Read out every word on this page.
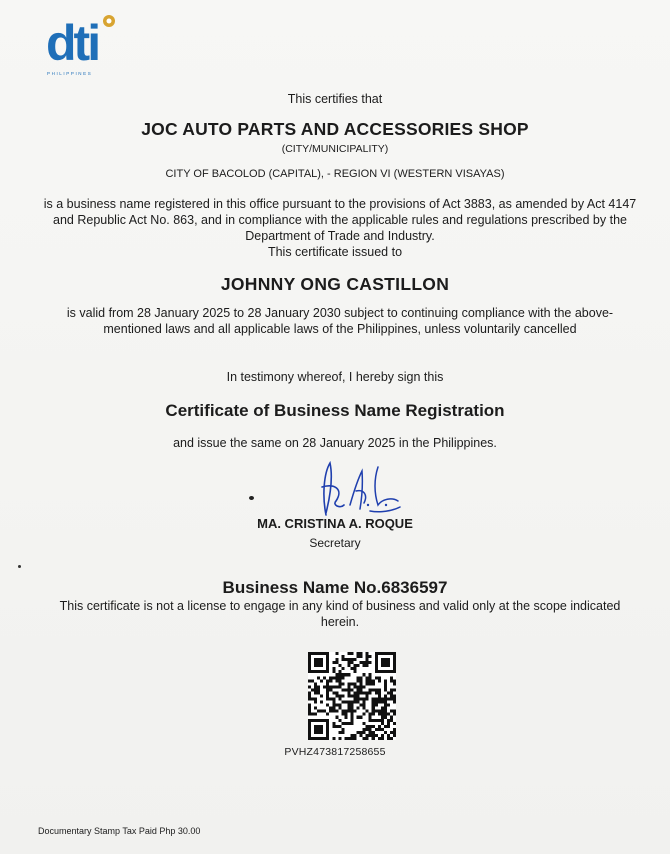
dti
PHILIPPINES
This certifies that
JOC AUTO PARTS AND ACCESSORIES SHOP
(CITY/MUNICIPALITY)
CITY OF BACOLOD (CAPITAL), - REGION VI (WESTERN VISAYAS)
is a business name registered in this office pursuant to the provisions of Act 3883, as amended by Act 4147 and Republic Act No. 863, and in compliance with the applicable rules and regulations prescribed by the Department of Trade and Industry.
This certificate issued to
JOHNNY ONG CASTILLON
is valid from 28 January 2025 to 28 January 2030 subject to continuing compliance with the above-mentioned laws and all applicable laws of the Philippines, unless voluntarily cancelled
In testimony whereof, I hereby sign this
Certificate of Business Name Registration
and issue the same on 28 January 2025 in the Philippines.
MA. CRISTINA A. ROQUE
Secretary
Business Name No.6836597
This certificate is not a license to engage in any kind of business and valid only at the scope indicated herein.
PVHZ473817258655
Documentary Stamp Tax Paid Php 30.00
